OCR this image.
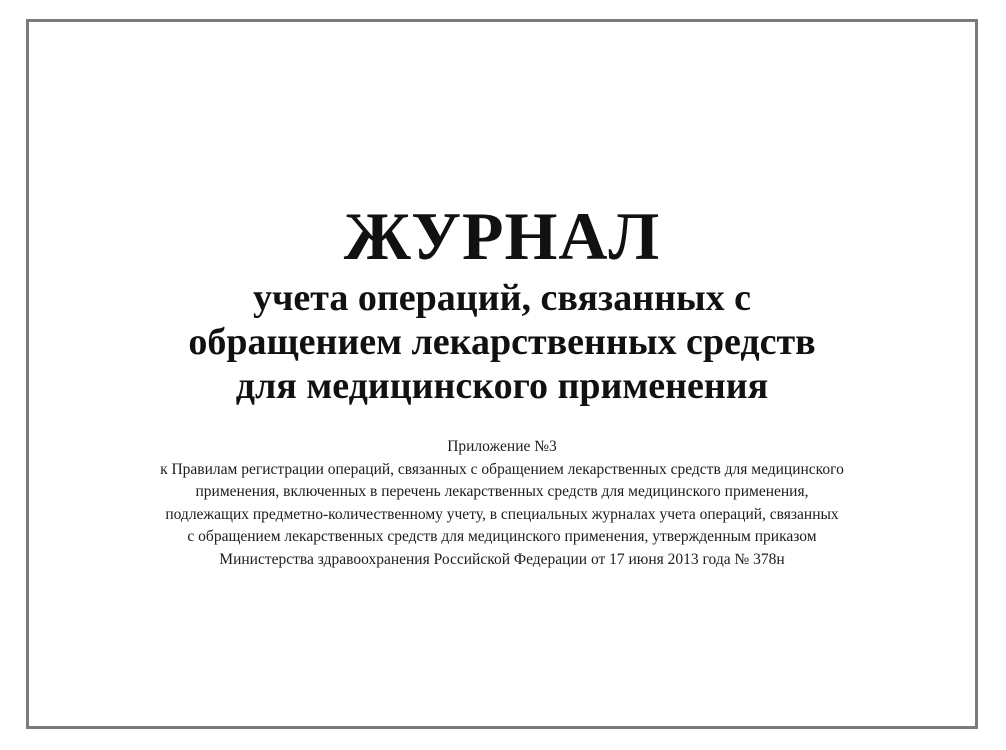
ЖУРНАЛ
учета операций, связанных с
обращением лекарственных средств
для медицинского применения
Приложение №3
к Правилам регистрации операций, связанных с обращением лекарственных средств для медицинского
применения, включенных в перечень лекарственных средств для медицинского применения,
подлежащих предметно-количественному учету, в специальных журналах учета операций, связанных
с обращением лекарственных средств для медицинского применения, утвержденным приказом
Министерства здравоохранения Российской Федерации от 17 июня 2013 года № 378н
